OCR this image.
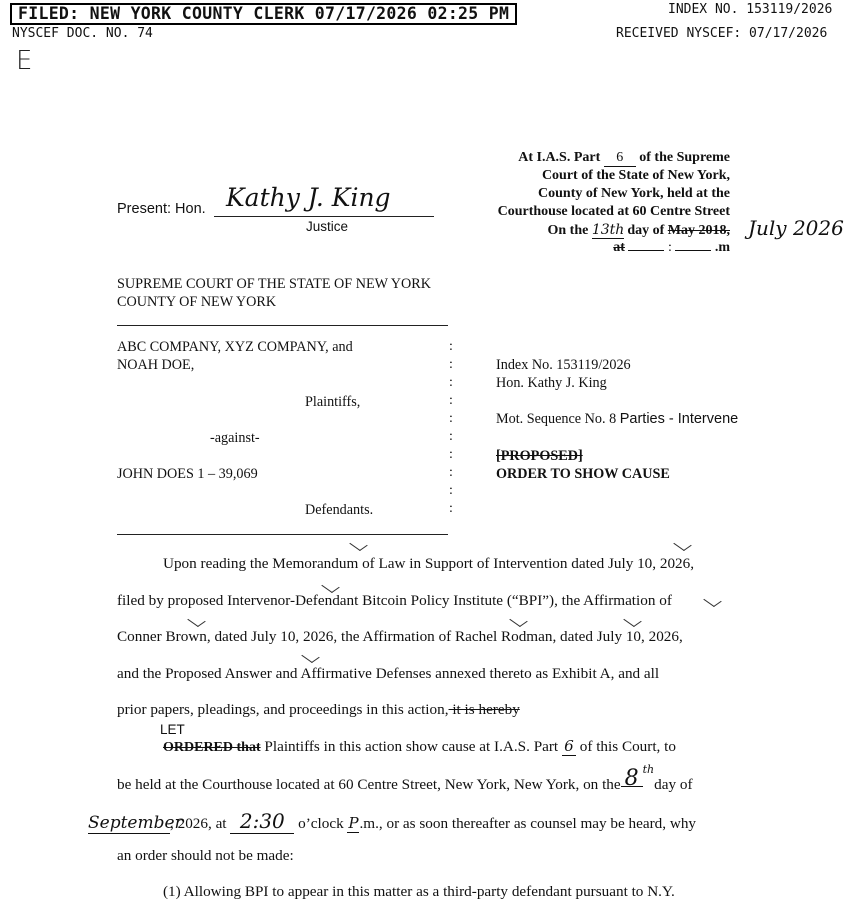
FILED: NEW YORK COUNTY CLERK 07/17/2026 02:25 PM	INDEX NO. 153119/2026
NYSCEF DOC. NO. 74	RECEIVED NYSCEF: 07/17/2026
E
At I.A.S. Part 6 of the Supreme
Court of the State of New York,
County of New York, held at the
Courthouse located at 60 Centre Street
On the 13th day of May 2018, July 2026
at	:	.m
Present: Hon. Kathy J. King
Justice
SUPREME COURT OF THE STATE OF NEW YORK
COUNTY OF NEW YORK
ABC COMPANY, XYZ COMPANY, and
NOAH DOE,
Plaintiffs,
-against-
JOHN DOES 1 – 39,069
Defendants.
:
:
:
:
:
:
:
:
:
:
Index No. 153119/2026
Hon. Kathy J. King
Mot. Sequence No. 8 Parties - Intervene
[PROPOSED]
ORDER TO SHOW CAUSE
Upon reading the Memorandum of Law in Support of Intervention dated July 10, 2026,
filed by proposed Intervenor-Defendant Bitcoin Policy Institute (“BPI”), the Affirmation of
Conner Brown, dated July 10, 2026, the Affirmation of Rachel Rodman, dated July 10, 2026,
and the Proposed Answer and Affirmative Defenses annexed thereto as Exhibit A, and all
prior papers, pleadings, and proceedings in this action, it is hereby
LET
ORDERED that Plaintiffs in this action show cause at I.A.S. Part 6 of this Court, to
be held at the Courthouse located at 60 Centre Street, New York, New York, on the 8 $^{th}$day of
September, 2026, at 2:30 o’clock P.m., or as soon thereafter as counsel may be heard, why
an order should not be made:
(1) Allowing BPI to appear in this matter as a third-party defendant pursuant to N.Y.
